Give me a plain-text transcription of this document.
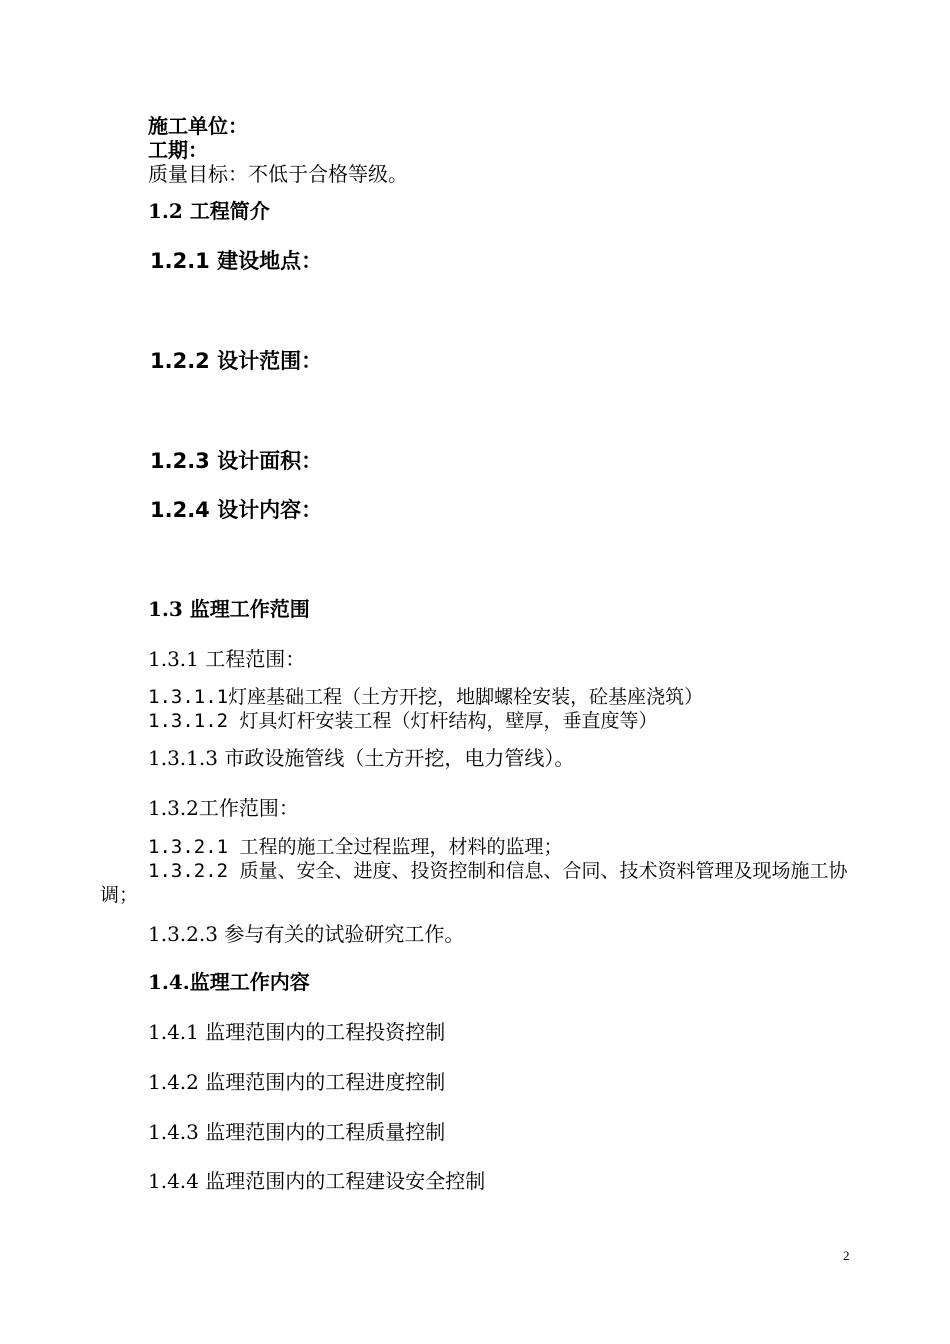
施工单位：
工期：
质量目标：不低于合格等级。
1.2 工程简介
1.2.1 建设地点：
1.2.2 设计范围：
1.2.3 设计面积：
1.2.4 设计内容：
1.3 监理工作范围
1.3.1 工程范围：
1.3.1.1灯座基础工程（土方开挖，地脚螺栓安装，砼基座浇筑）
1.3.1.2 灯具灯杆安装工程（灯杆结构，壁厚，垂直度等）
1.3.1.3 市政设施管线（土方开挖，电力管线）。
1.3.2工作范围：
1.3.2.1 工程的施工全过程监理，材料的监理；
1.3.2.2 质量、安全、进度、投资控制和信息、合同、技术资料管理及现场施工协调；
1.3.2.3 参与有关的试验研究工作。
1.4.监理工作内容
1.4.1 监理范围内的工程投资控制
1.4.2 监理范围内的工程进度控制
1.4.3 监理范围内的工程质量控制
1.4.4 监理范围内的工程建设安全控制
2
